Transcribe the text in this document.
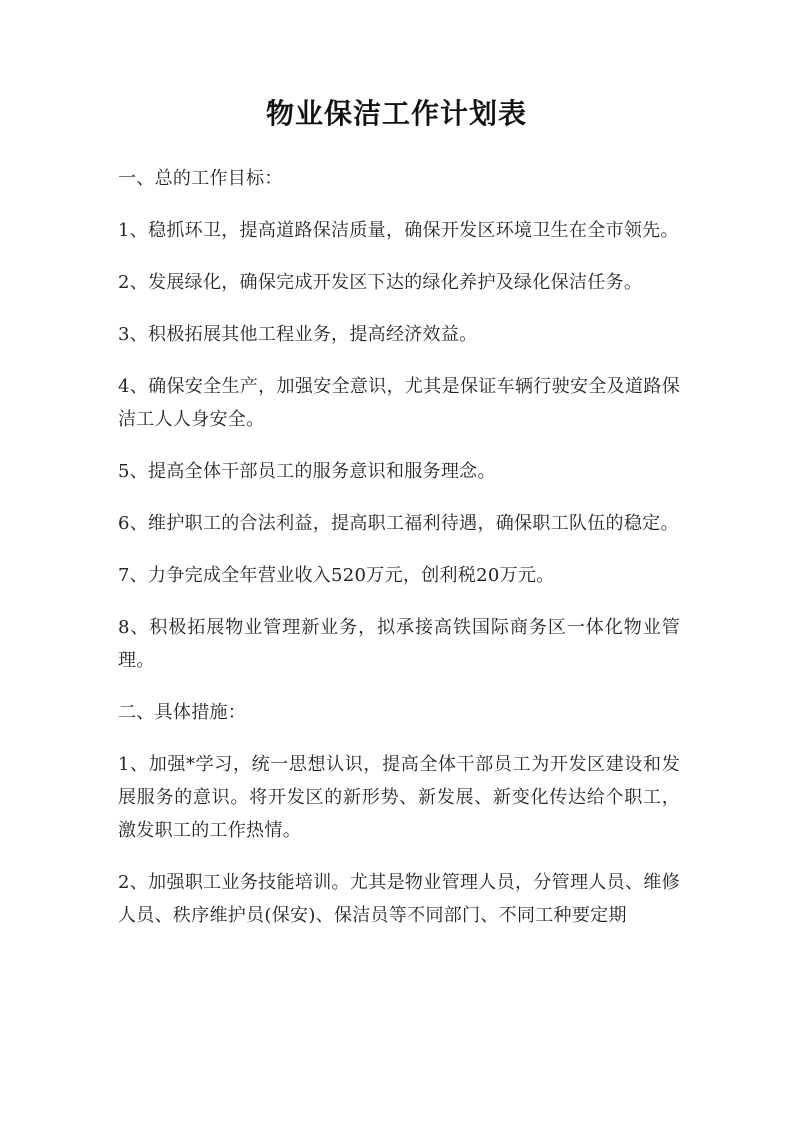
物业保洁工作计划表

一、总的工作目标：

1、稳抓环卫，提高道路保洁质量，确保开发区环境卫生在全市领先。

2、发展绿化，确保完成开发区下达的绿化养护及绿化保洁任务。

3、积极拓展其他工程业务，提高经济效益。

4、确保安全生产，加强安全意识，尤其是保证车辆行驶安全及道路保洁工人人身安全。

5、提高全体干部员工的服务意识和服务理念。

6、维护职工的合法利益，提高职工福利待遇，确保职工队伍的稳定。

7、力争完成全年营业收入520万元，创利税20万元。

8、积极拓展物业管理新业务，拟承接高铁国际商务区一体化物业管理。

二、具体措施：

1、加强*学习，统一思想认识，提高全体干部员工为开发区建设和发展服务的意识。将开发区的新形势、新发展、新变化传达给个职工，激发职工的工作热情。

2、加强职工业务技能培训。尤其是物业管理人员，分管理人员、维修人员、秩序维护员(保安)、保洁员等不同部门、不同工种要定期
